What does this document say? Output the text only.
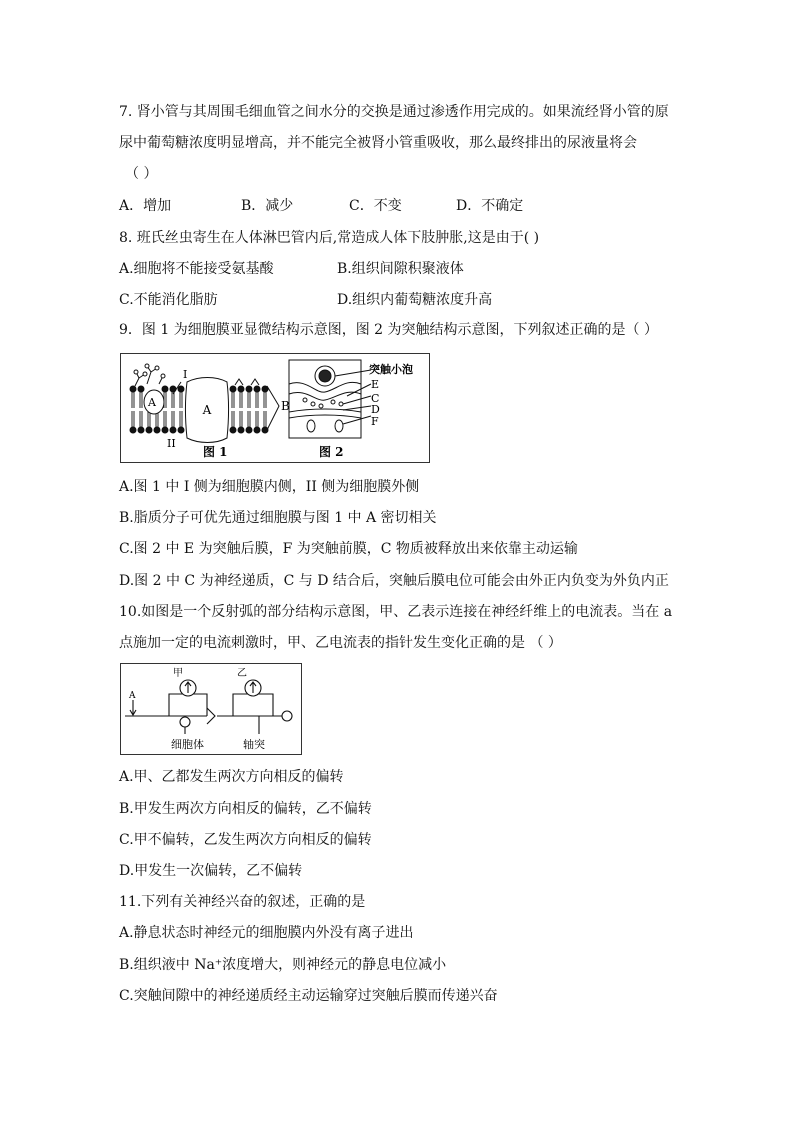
7. 肾小管与其周围毛细血管之间水分的交换是通过渗透作用完成的。如果流经肾小管的原
尿中葡萄糖浓度明显增高，并不能完全被肾小管重吸收，那么最终排出的尿液量将会
（ ）
A．增加	B．减少	C．不变	D．不确定
8. 班氏丝虫寄生在人体淋巴管内后,常造成人体下肢肿胀,这是由于( )
A.细胞将不能接受氨基酸	B.组织间隙积聚液体
C.不能消化脂肪	D.组织内葡萄糖浓度升高
9．图 1 为细胞膜亚显微结构示意图，图 2 为突触结构示意图，下列叙述正确的是（ ）
A
A
I
II
B
图 1
突触小泡
E
C
D
F
图 2
A.图 1 中 I 侧为细胞膜内侧，II 侧为细胞膜外侧
B.脂质分子可优先通过细胞膜与图 1 中 A 密切相关
C.图 2 中 E 为突触后膜，F 为突触前膜，C 物质被释放出来依靠主动运输
D.图 2 中 C 为神经递质，C 与 D 结合后，突触后膜电位可能会由外正内负变为外负内正
10.如图是一个反射弧的部分结构示意图，甲、乙表示连接在神经纤维上的电流表。当在 a
点施加一定的电流刺激时，甲、乙电流表的指针发生变化正确的是 （ ）
甲	乙
A
细胞体	轴突
A.甲、乙都发生两次方向相反的偏转
B.甲发生两次方向相反的偏转，乙不偏转
C.甲不偏转，乙发生两次方向相反的偏转
D.甲发生一次偏转，乙不偏转
11.下列有关神经兴奋的叙述，正确的是
A.静息状态时神经元的细胞膜内外没有离子进出
B.组织液中 Na⁺浓度增大，则神经元的静息电位减小
C.突触间隙中的神经递质经主动运输穿过突触后膜而传递兴奋
